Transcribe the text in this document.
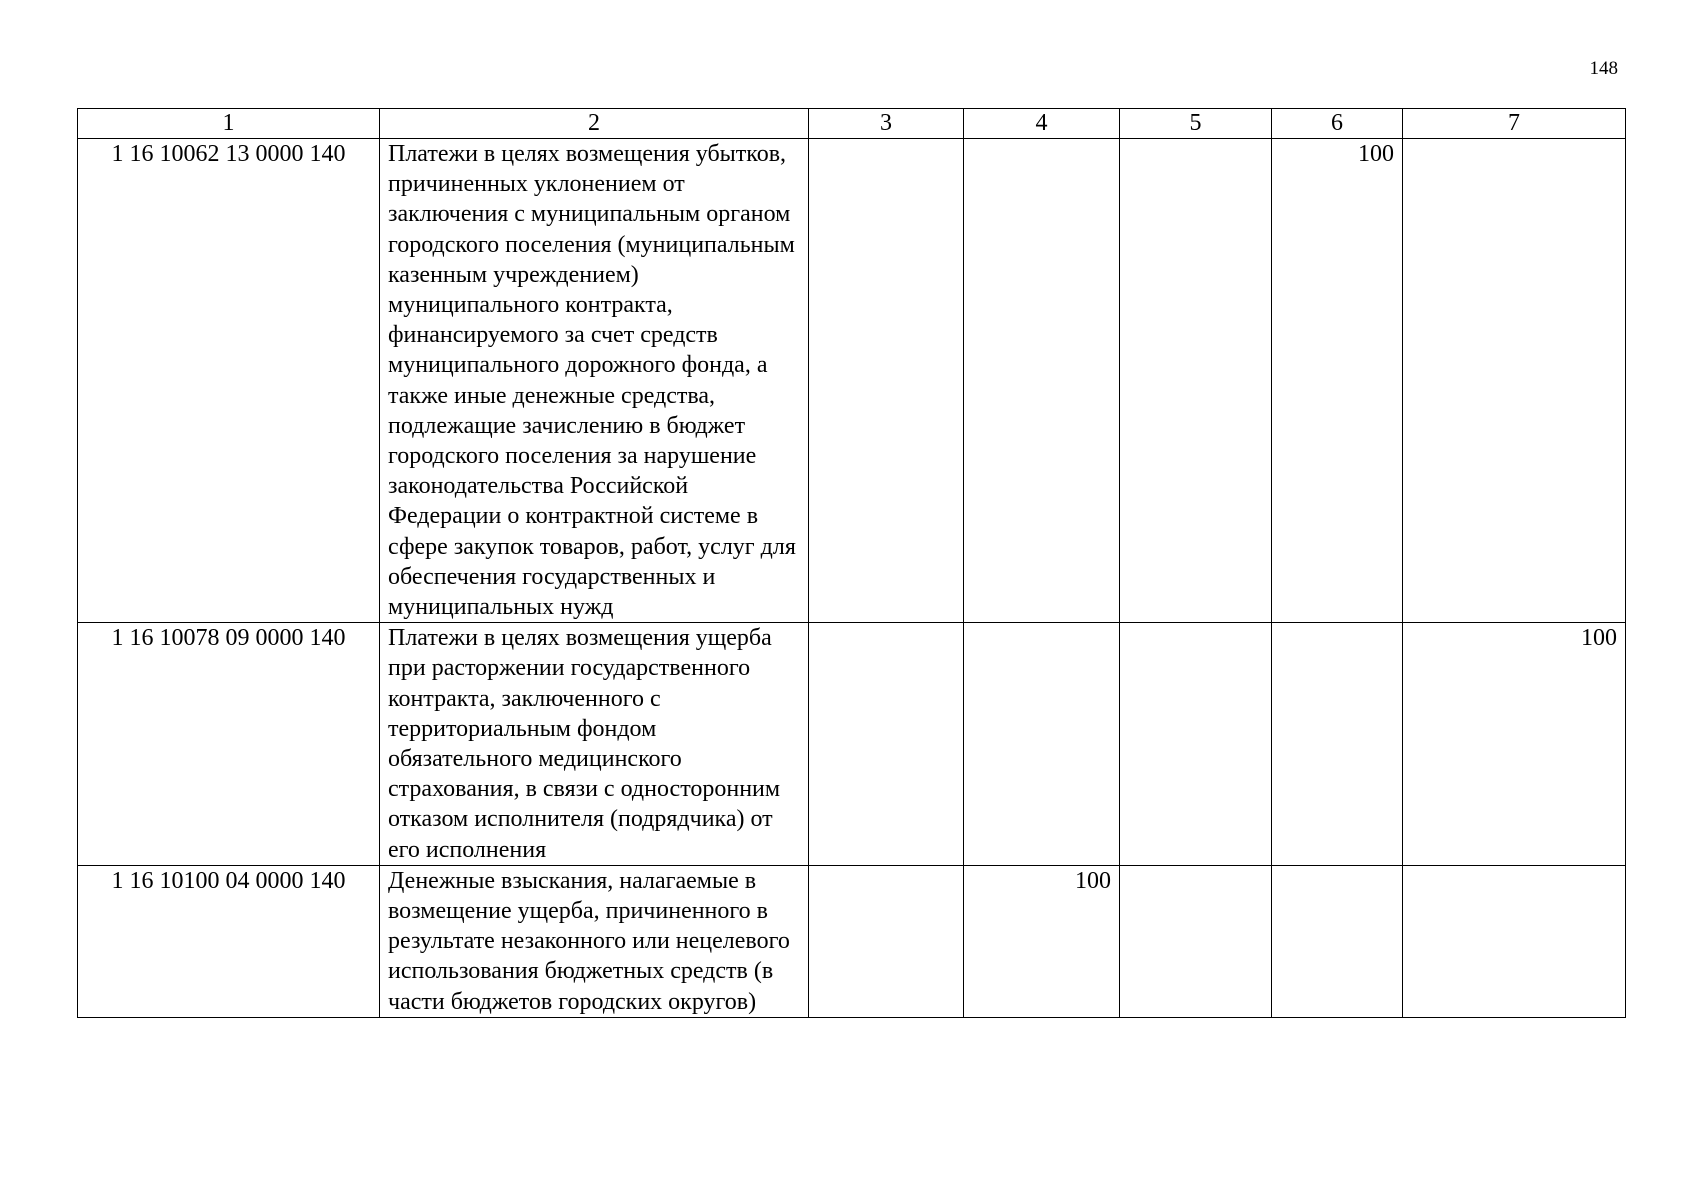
148
1	2	3	4	5	6	7
1 16 10062 13 0000 140	Платежи в целях возмещения убытков, причиненных уклонением от заключения с муниципальным органом городского поселения (муниципальным казенным учреждением) муниципального контракта, финансируемого за счет средств муниципального дорожного фонда, а также иные денежные средства, подлежащие зачислению в бюджет городского поселения за нарушение законодательства Российской Федерации о контрактной системе в сфере закупок товаров, работ, услуг для обеспечения государственных и муниципальных нужд				100	
1 16 10078 09 0000 140	Платежи в целях возмещения ущерба при расторжении государственного контракта, заключенного с территориальным фондом обязательного медицинского страхования, в связи с односторонним отказом исполнителя (подрядчика) от его исполнения					100
1 16 10100 04 0000 140	Денежные взыскания, налагаемые в возмещение ущерба, причиненного в результате незаконного или нецелевого использования бюджетных средств (в части бюджетов городских округов)		100			
